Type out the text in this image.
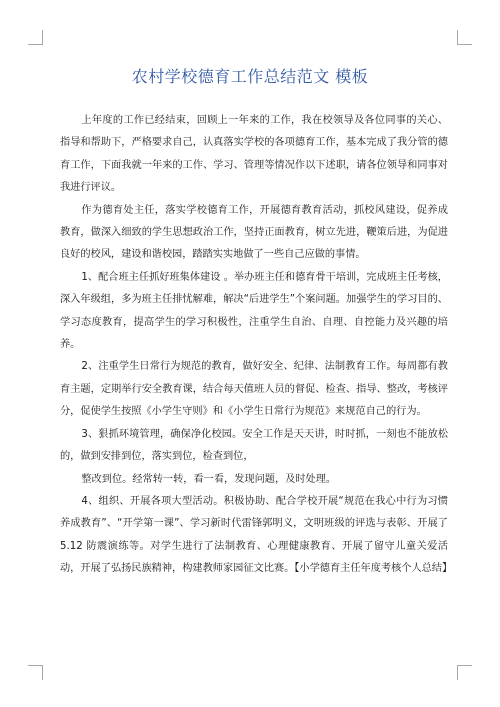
农村学校德育工作总结范文 模板

上年度的工作已经结束，回顾上一年来的工作，我在校领导及各位同事的关心、指导和帮助下，严格要求自己，认真落实学校的各项德育工作，基本完成了我分管的德育工作，下面我就一年来的工作、学习、管理等情况作以下述职，请各位领导和同事对我进行评议。

作为德育处主任，落实学校德育工作，开展德育教育活动，抓校风建设，促养成教育，做深入细致的学生思想政治工作，坚持正面教育，树立先进，鞭策后进，为促进良好的校风，建设和谐校园，踏踏实实地做了一些自己应做的事情。

1、配合班主任抓好班集体建设 。举办班主任和德育骨干培训，完成班主任考核，深入年级组，多为班主任排忧解难，解决“后进学生”个案问题。加强学生的学习目的、学习态度教育，提高学生的学习积极性，注重学生自治、自理、自控能力及兴趣的培养。

2、注重学生日常行为规范的教育，做好安全、纪律、法制教育工作。每周都有教育主题，定期举行安全教育课，结合每天值班人员的督促、检查、指导、整改，考核评分，促使学生按照《小学生守则》和《小学生日常行为规范》来规范自己的行为。

3、狠抓环境管理，确保净化校园。安全工作是天天讲，时时抓，一刻也不能放松的，做到安排到位，落实到位，检查到位，

整改到位。经常转一转，看一看，发现问题，及时处理。

4、组织、开展各项大型活动。积极协助、配合学校开展“规范在我心中行为习惯养成教育”、“开学第一课”、学习新时代雷锋郭明义，文明班级的评选与表彰、开展了5.12 防震演练等。对学生进行了法制教育、心理健康教育、开展了留守儿童关爱活动，开展了弘扬民族精神，构建教师家园征文比赛。【小学德育主任年度考核个人总结】
